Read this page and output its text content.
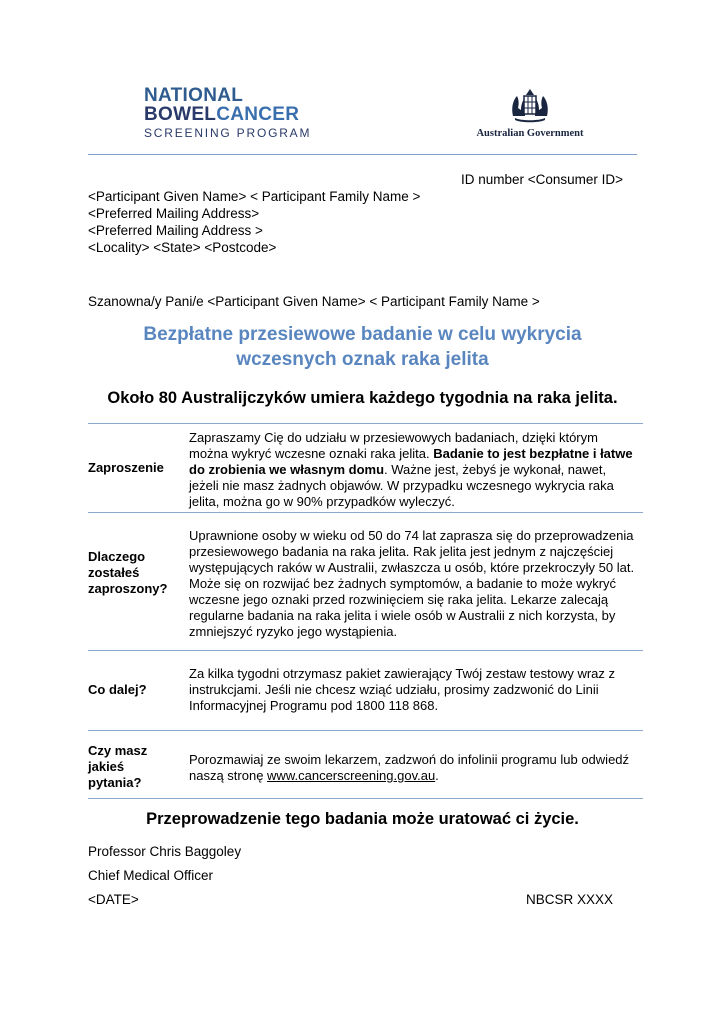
NATIONAL
BOWELCANCER
SCREENING PROGRAM	Australian Government
ID number <Consumer ID>
<Participant Given Name> < Participant Family Name >
<Preferred Mailing Address>
<Preferred Mailing Address >
<Locality> <State> <Postcode>
Szanowna/y Pani/e <Participant Given Name> < Participant Family Name >
Bezpłatne przesiewowe badanie w celu wykrycia
wczesnych oznak raka jelita
Około 80 Australijczyków umiera każdego tygodnia na raka jelita.
Zaproszenie
Zapraszamy Cię do udziału w przesiewowych badaniach, dzięki którym można wykryć wczesne oznaki raka jelita. Badanie to jest bezpłatne i łatwe do zrobienia we własnym domu. Ważne jest, żebyś je wykonał, nawet, jeżeli nie masz żadnych objawów. W przypadku wczesnego wykrycia raka jelita, można go w 90% przypadków wyleczyć.
Dlaczego zostałeś zaproszony?
Uprawnione osoby w wieku od 50 do 74 lat zaprasza się do przeprowadzenia przesiewowego badania na raka jelita. Rak jelita jest jednym z najczęściej występujących raków w Australii, zwłaszcza u osób, które przekroczyły 50 lat. Może się on rozwijać bez żadnych symptomów, a badanie to może wykryć wczesne jego oznaki przed rozwinięciem się raka jelita. Lekarze zalecają regularne badania na raka jelita i wiele osób w Australii z nich korzysta, by zmniejszyć ryzyko jego wystąpienia.
Co dalej?
Za kilka tygodni otrzymasz pakiet zawierający Twój zestaw testowy wraz z instrukcjami. Jeśli nie chcesz wziąć udziału, prosimy zadzwonić do Linii Informacyjnej Programu pod 1800 118 868.
Czy masz jakieś pytania?
Porozmawiaj ze swoim lekarzem, zadzwoń do infolinii programu lub odwiedź naszą stronę www.cancerscreening.gov.au.
Przeprowadzenie tego badania może uratować ci życie.
Professor Chris Baggoley
Chief Medical Officer
<DATE>	NBCSR XXXX
